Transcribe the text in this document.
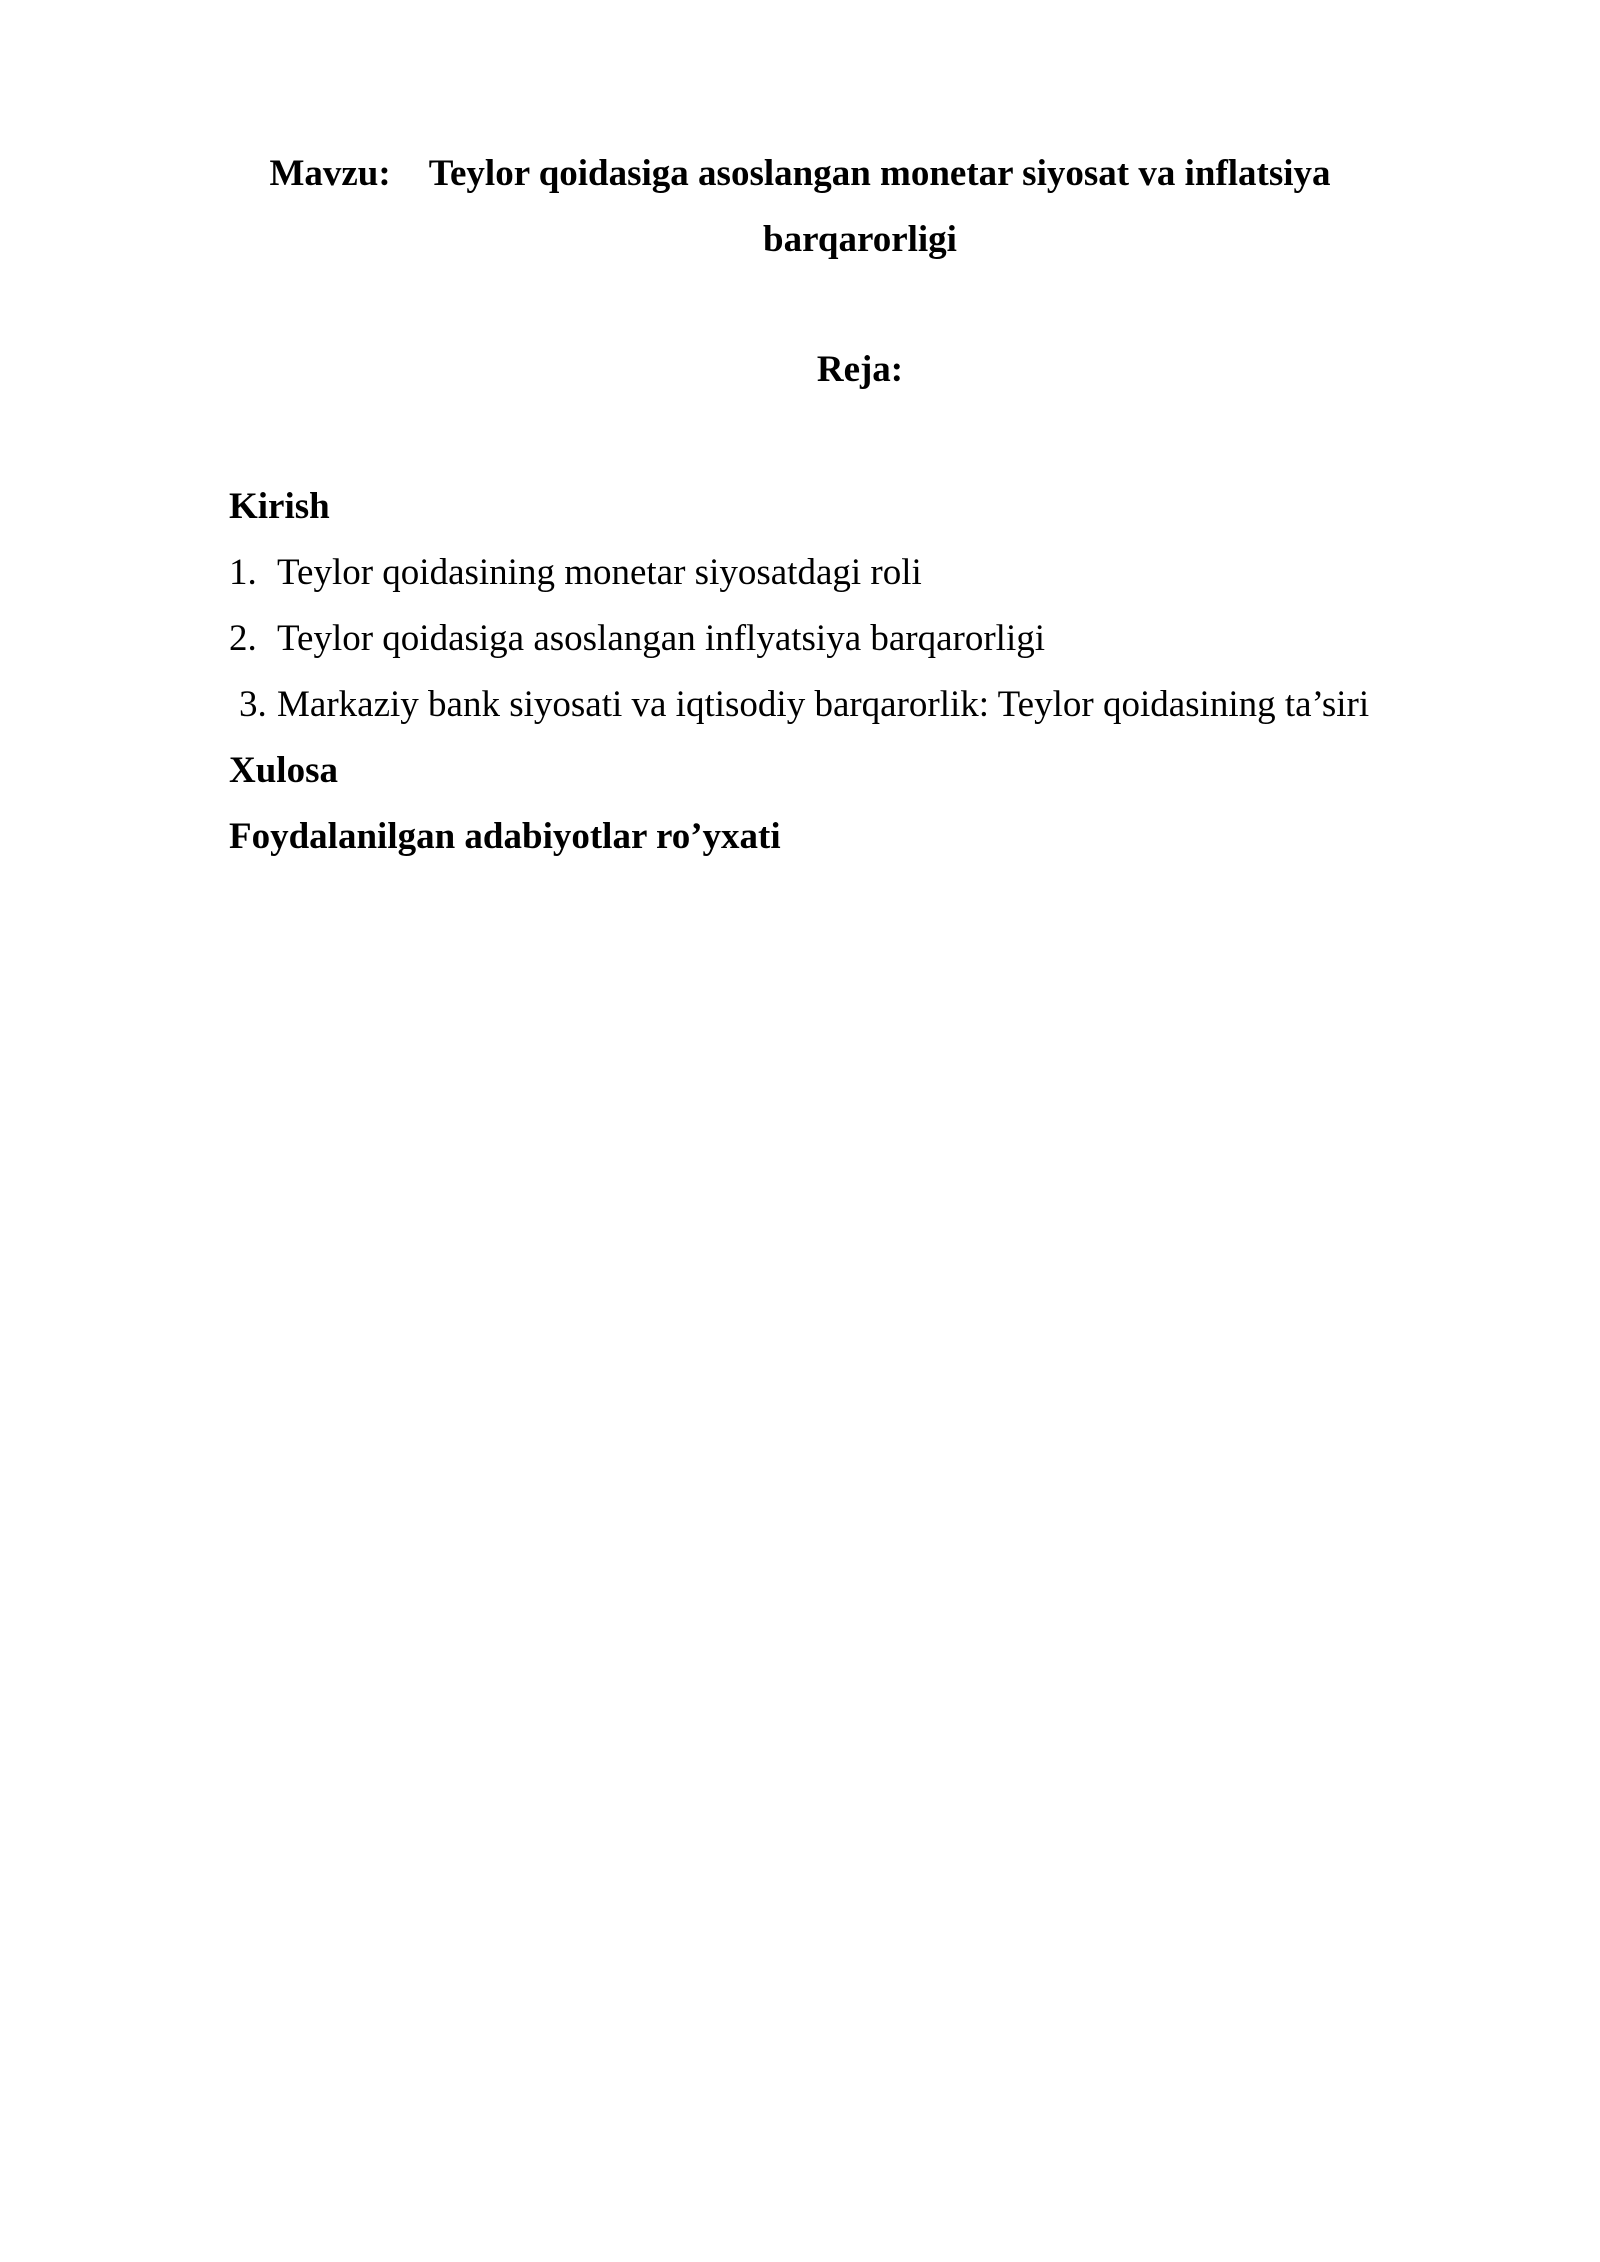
Mavzu: Teylor qoidasiga asoslangan monetar siyosat va inflatsiya
barqarorligi
Reja:
Kirish
1. Teylor qoidasining monetar siyosatdagi roli
2. Teylor qoidasiga asoslangan inflyatsiya barqarorligi
3. Markaziy bank siyosati va iqtisodiy barqarorlik: Teylor qoidasining ta’siri
Xulosa
Foydalanilgan adabiyotlar ro’yxati
